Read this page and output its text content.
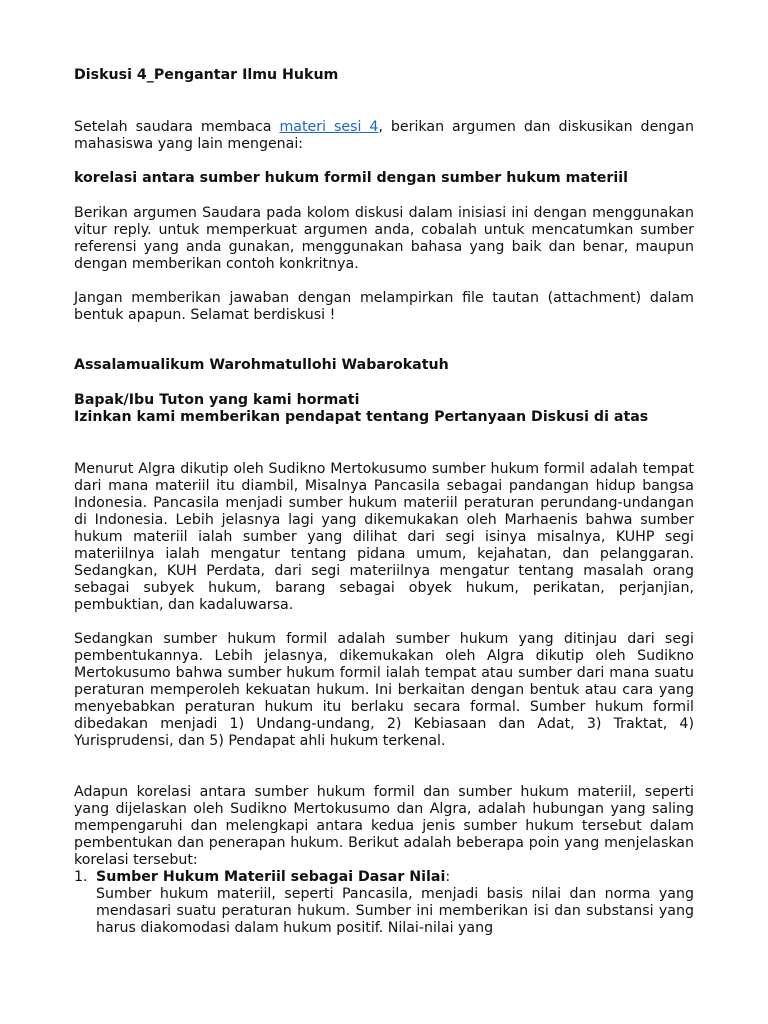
Diskusi 4_Pengantar Ilmu Hukum

Setelah saudara membaca materi sesi 4, berikan argumen dan diskusikan dengan mahasiswa yang lain mengenai:

korelasi antara sumber hukum formil dengan sumber hukum materiil

Berikan argumen Saudara pada kolom diskusi dalam inisiasi ini dengan menggunakan vitur reply. untuk memperkuat argumen anda, cobalah untuk mencatumkan sumber referensi yang anda gunakan, menggunakan bahasa yang baik dan benar, maupun dengan memberikan contoh konkritnya.

Jangan memberikan jawaban dengan melampirkan file tautan (attachment) dalam bentuk apapun. Selamat berdiskusi !

Assalamualikum Warohmatullohi Wabarokatuh

Bapak/Ibu Tuton yang kami hormati

Izinkan kami memberikan pendapat tentang Pertanyaan Diskusi di atas

Menurut Algra dikutip oleh Sudikno Mertokusumo sumber hukum formil adalah tempat dari mana materiil itu diambil, Misalnya Pancasila sebagai pandangan hidup bangsa Indonesia. Pancasila menjadi sumber hukum materiil peraturan perundang-undangan di Indonesia. Lebih jelasnya lagi yang dikemukakan oleh Marhaenis bahwa sumber hukum materiil ialah sumber yang dilihat dari segi isinya misalnya, KUHP segi materiilnya ialah mengatur tentang pidana umum, kejahatan, dan pelanggaran. Sedangkan, KUH Perdata, dari segi materiilnya mengatur tentang masalah orang sebagai subyek hukum, barang sebagai obyek hukum, perikatan, perjanjian, pembuktian, dan kadaluwarsa.

Sedangkan sumber hukum formil adalah sumber hukum yang ditinjau dari segi pembentukannya. Lebih jelasnya, dikemukakan oleh Algra dikutip oleh Sudikno Mertokusumo bahwa sumber hukum formil ialah tempat atau sumber dari mana suatu peraturan memperoleh kekuatan hukum. Ini berkaitan dengan bentuk atau cara yang menyebabkan peraturan hukum itu berlaku secara formal. Sumber hukum formil dibedakan menjadi 1) Undang-undang, 2) Kebiasaan dan Adat, 3) Traktat, 4) Yurisprudensi, dan 5) Pendapat ahli hukum terkenal.

Adapun korelasi antara sumber hukum formil dan sumber hukum materiil, seperti yang dijelaskan oleh Sudikno Mertokusumo dan Algra, adalah hubungan yang saling mempengaruhi dan melengkapi antara kedua jenis sumber hukum tersebut dalam pembentukan dan penerapan hukum. Berikut adalah beberapa poin yang menjelaskan korelasi tersebut:

1. Sumber Hukum Materiil sebagai Dasar Nilai:
Sumber hukum materiil, seperti Pancasila, menjadi basis nilai dan norma yang mendasari suatu peraturan hukum. Sumber ini memberikan isi dan substansi yang harus diakomodasi dalam hukum positif. Nilai-nilai yang
